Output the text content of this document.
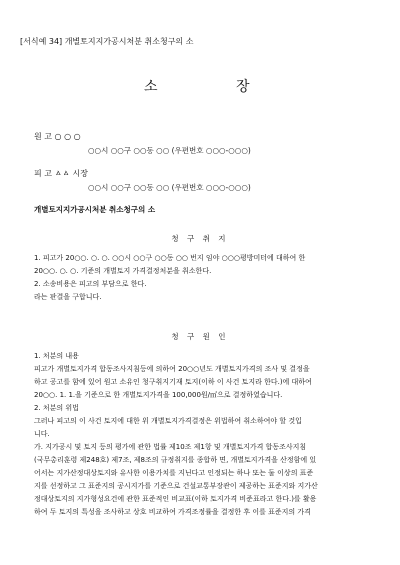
[서식예 34] 개별토지지가공시처분 취소청구의 소
소	장
원 고 ○ ○ ○
○○시 ○○구 ○○동 ○○ (우편번호 ○○○-○○○)
피 고 ㅿㅿ 시장
○○시 ○○구 ○○동 ○○ (우편번호 ○○○-○○○)
개별토지지가공시처분 취소청구의 소
청 구 취 지
1. 피고가 20○○. ○. ○. ○○시 ○○구 ○○동 ○○ 번지 임야 ○○○평방미터에 대하여 한
20○○. ○. ○. 기준의 개별토지 가격결정처분을 취소한다.
2. 소송비용은 피고의 부담으로 한다.
라는 판결을 구합니다.
청 구 원 인
1. 처분의 내용
피고가 개별토지가격 합동조사지침등에 의하여 20○○년도 개별토지가격의 조사 및 결정을
하고 공고를 함에 있어 원고 소유인 청구취지기재 토지(이하 이 사건 토지라 한다.)에 대하여
20○○. 1. 1.을 기준으로 한 개별토지가격을 100,000원/㎡으로 결정하였습니다.
2. 처분의 위법
그러나 피고의 이 사건 토지에 대한 위 개별토지가격결정은 위법하여 취소하여야 할 것입
니다.
가. 지가공시 및 토지 등의 평가에 관한 법률 제10조 제1항 및 개별토지가격 합동조사지침
(국무총리훈령 제248호) 제7조, 제8조의 규정취지를 종합하 면, 개별토지가격을 산정함에 있
어서는 지가산정대상토지와 유사한 이용가치를 지닌다고 인정되는 하나 또는 둘 이상의 표준
지를 선정하고 그 표준지의 공시지가를 기준으로 건설교통부장관이 제공하는 표준지와 지가산
정대상토지의 지가형성요건에 관한 표준적인 비교표(이하 토지가격 비준표라고 한다.)를 활용
하여 두 토지의 특성을 조사하고 상호 비교하여 가격조정률을 결정한 후 이를 표준지의 가격
